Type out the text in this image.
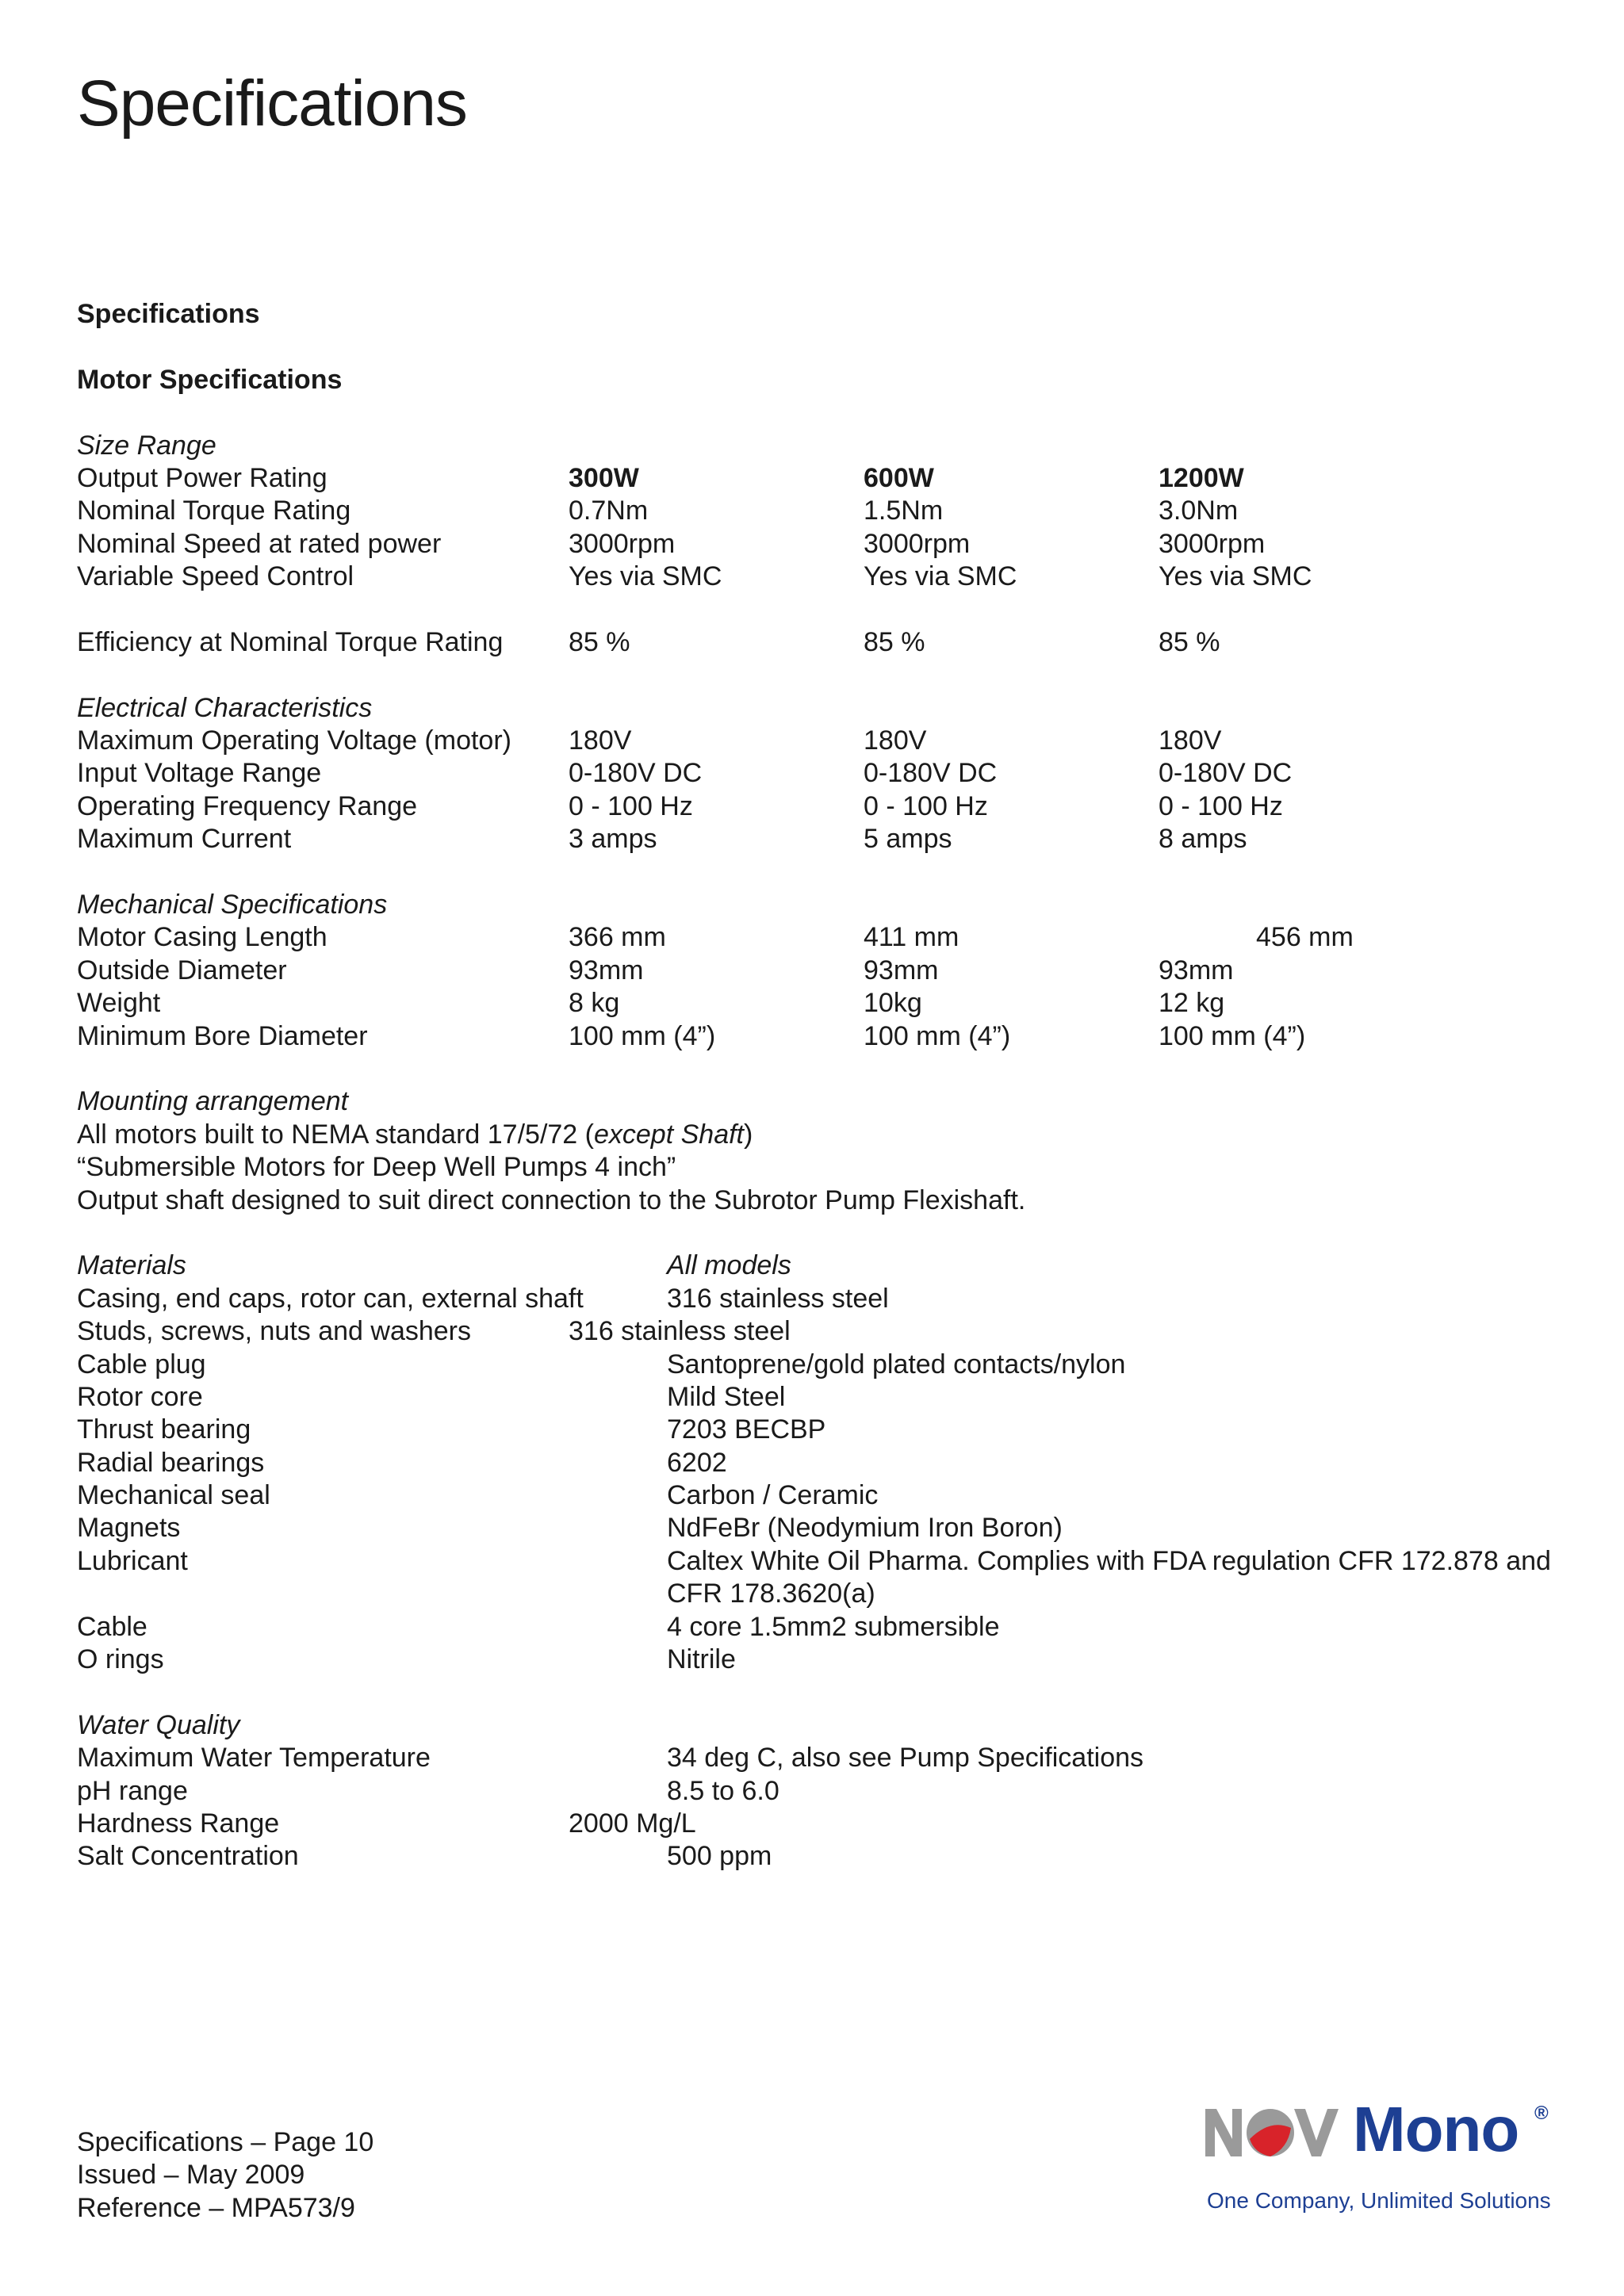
Specifications
Specifications
Motor Specifications
Size Range
Output Power Rating	300W	600W	1200W
Nominal Torque Rating	0.7Nm	1.5Nm	3.0Nm
Nominal Speed at rated power	3000rpm	3000rpm	3000rpm
Variable Speed Control	Yes via SMC	Yes via SMC	Yes via SMC
Efficiency at Nominal Torque Rating 85 %	85 %	85 %
Electrical Characteristics
Maximum Operating Voltage (motor) 180V	180V	180V
Input Voltage Range	0-180V DC	0-180V DC	0-180V DC
Operating Frequency Range	0 - 100 Hz	0 - 100 Hz	0 - 100 Hz
Maximum Current	3 amps	5 amps	8 amps
Mechanical Specifications
Motor Casing Length	366 mm	411 mm	456 mm
Outside Diameter	93mm	93mm	93mm
Weight	8 kg	10kg	12 kg
Minimum Bore Diameter	100 mm (4”)	100 mm (4”)	100 mm (4”)
Mounting arrangement
All motors built to NEMA standard 17/5/72 (except Shaft)
“Submersible Motors for Deep Well Pumps 4 inch”
Output shaft designed to suit direct connection to the Subrotor Pump Flexishaft.
Materials	All models
Casing, end caps, rotor can, external shaft	316 stainless steel
Studs, screws, nuts and washers	316 stainless steel
Cable plug	Santoprene/gold plated contacts/nylon
Rotor core	Mild Steel
Thrust bearing	7203 BECBP
Radial bearings	6202
Mechanical seal	Carbon / Ceramic
Magnets	NdFeBr (Neodymium Iron Boron)
Lubricant	Caltex White Oil Pharma. Complies with FDA regulation CFR 172.878 and
CFR 178.3620(a)
Cable	4 core 1.5mm2 submersible
O rings	Nitrile
Water Quality
Maximum Water Temperature	34 deg C, also see Pump Specifications
pH range	8.5 to 6.0
Hardness Range	2000 Mg/L
Salt Concentration	500 ppm
Specifications – Page 10
Issued – May 2009
Reference – MPA573/9
Mono ®
One Company, Unlimited Solutions
